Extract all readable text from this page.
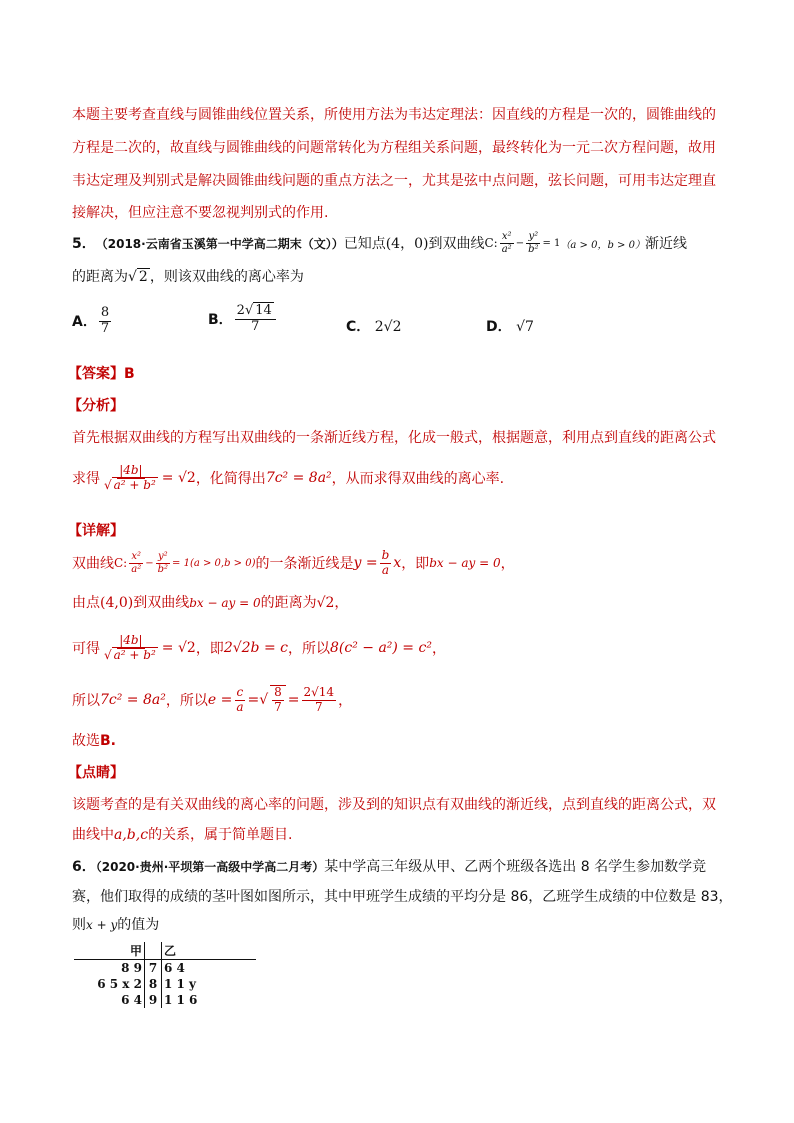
本题主要考查直线与圆锥曲线位置关系，所使用方法为韦达定理法：因直线的方程是一次的，圆锥曲线的
方程是二次的，故直线与圆锥曲线的问题常转化为方程组关系问题，最终转化为一元二次方程问题，故用
韦达定理及判别式是解决圆锥曲线问题的重点方法之一，尤其是弦中点问题，弦长问题，可用韦达定理直
接解决，但应注意不要忽视判别式的作用.
5． （2018·云南省玉溪第一中学高二期末（文）） 已知点 (4，0) 到双曲线 C: $\frac{\text{x²}}{\text{a²}} - \frac{\text{y²}}{\text{b²}} = 1$ （a > 0，b > 0） 渐近线
的距离为√ 2 ，则该双曲线的离心率为
A． $\frac{8}{7}$	B． $\frac{2√ 14}{7}$	C． 2√2	D． √7
【答案】B
【分析】
首先根据双曲线的方程写出双曲线的一条渐近线方程，化成一般式，根据题意，利用点到直线的距离公式
求得 $\frac{|4b|}{\text{√ a² + b²}} = √2$ ，化简得出 7c² = 8a² ，从而求得双曲线的离心率.
【详解】
双曲线 C: $\frac{\text{x²}}{\text{a²}} - \frac{\text{y²}}{\text{b²}} = 1(a > 0,b > 0)$ 的一条渐近线是 $y = \frac{b}{a}$ x ，即 bx − ay = 0 ，
由点(4,0)到双曲线bx − ay = 0的距离为√2，
可得 $\frac{|4b|}{\text{√ a² + b²}} = √2$ ，即 2√2b = c ，所以 8(c² − a²) = c² ，
所以 7c² = 8a² ，所以 $e = \frac{c}{a}$ = √ $\frac{8}{7} = \frac{2√14}{7}$ ，
故选B.
【点睛】
该题考查的是有关双曲线的离心率的问题，涉及到的知识点有双曲线的渐近线，点到直线的距离公式，双
曲线中a,b,c的关系，属于简单题目.
6．（2020·贵州·平坝第一高级中学高二月考）某中学高三年级从甲、乙两个班级各选出 8 名学生参加数学竞
赛，他们取得的成绩的茎叶图如图所示，其中甲班学生成绩的平均分是 86，乙班学生成绩的中位数是 83，
则x + y的值为
甲		乙
8 9	7	6 4
6 5 x 2	8	1 1 y
6 4	9	1 1 6
